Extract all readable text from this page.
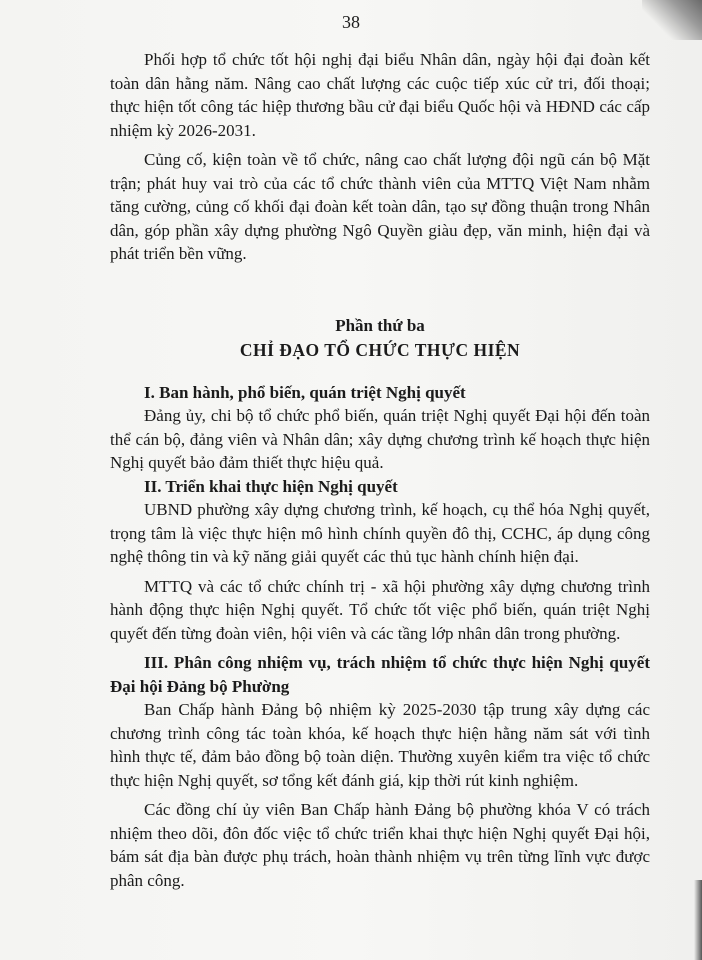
38

Phối hợp tổ chức tốt hội nghị đại biểu Nhân dân, ngày hội đại đoàn kết toàn dân hằng năm. Nâng cao chất lượng các cuộc tiếp xúc cử tri, đối thoại; thực hiện tốt công tác hiệp thương bầu cử đại biểu Quốc hội và HĐND các cấp nhiệm kỳ 2026-2031.

Củng cố, kiện toàn về tổ chức, nâng cao chất lượng đội ngũ cán bộ Mặt trận; phát huy vai trò của các tổ chức thành viên của MTTQ Việt Nam nhằm tăng cường, củng cố khối đại đoàn kết toàn dân, tạo sự đồng thuận trong Nhân dân, góp phần xây dựng phường Ngô Quyền giàu đẹp, văn minh, hiện đại và phát triển bền vững.

Phần thứ ba
CHỈ ĐẠO TỔ CHỨC THỰC HIỆN
I. Ban hành, phổ biến, quán triệt Nghị quyết

Đảng ủy, chi bộ tổ chức phổ biến, quán triệt Nghị quyết Đại hội đến toàn thể cán bộ, đảng viên và Nhân dân; xây dựng chương trình kế hoạch thực hiện Nghị quyết bảo đảm thiết thực hiệu quả.

II. Triển khai thực hiện Nghị quyết

UBND phường xây dựng chương trình, kế hoạch, cụ thể hóa Nghị quyết, trọng tâm là việc thực hiện mô hình chính quyền đô thị, CCHC, áp dụng công nghệ thông tin và kỹ năng giải quyết các thủ tục hành chính hiện đại.

MTTQ và các tổ chức chính trị - xã hội phường xây dựng chương trình hành động thực hiện Nghị quyết. Tổ chức tốt việc phổ biến, quán triệt Nghị quyết đến từng đoàn viên, hội viên và các tầng lớp nhân dân trong phường.

III. Phân công nhiệm vụ, trách nhiệm tổ chức thực hiện Nghị quyết Đại hội Đảng bộ Phường

Ban Chấp hành Đảng bộ nhiệm kỳ 2025-2030 tập trung xây dựng các chương trình công tác toàn khóa, kế hoạch thực hiện hằng năm sát với tình hình thực tế, đảm bảo đồng bộ toàn diện. Thường xuyên kiểm tra việc tổ chức thực hiện Nghị quyết, sơ tổng kết đánh giá, kịp thời rút kinh nghiệm.

Các đồng chí ủy viên Ban Chấp hành Đảng bộ phường khóa V có trách nhiệm theo dõi, đôn đốc việc tổ chức triển khai thực hiện Nghị quyết Đại hội, bám sát địa bàn được phụ trách, hoàn thành nhiệm vụ trên từng lĩnh vực được phân công.
